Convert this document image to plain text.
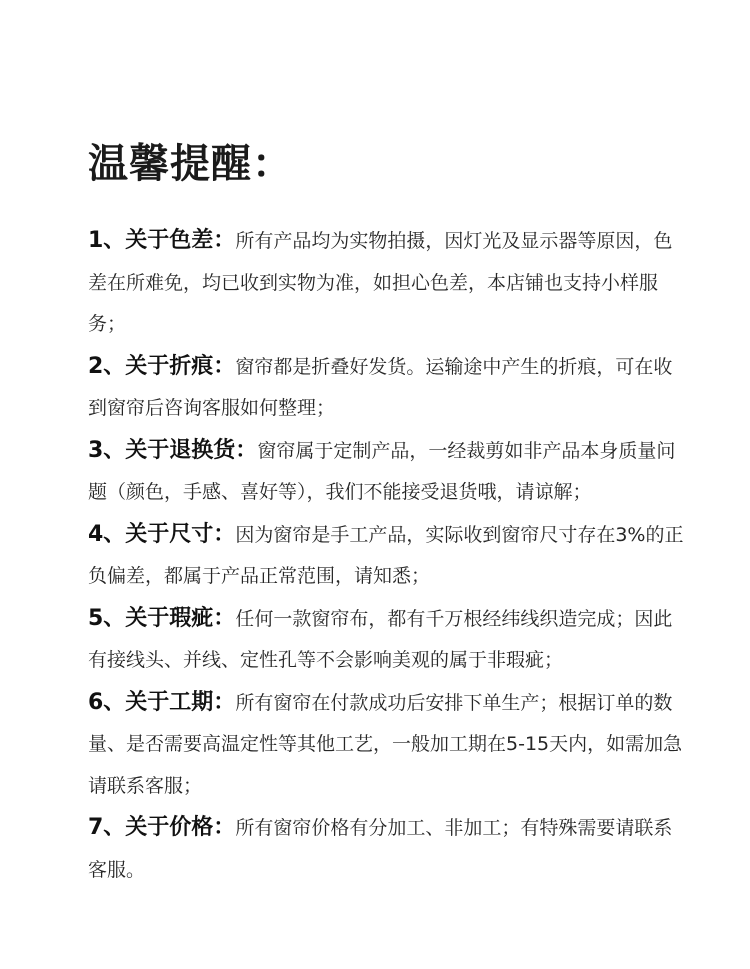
温馨提醒：

1、关于色差：所有产品均为实物拍摄，因灯光及显示器等原因，色差在所难免，均已收到实物为准，如担心色差，本店铺也支持小样服务；

2、关于折痕：窗帘都是折叠好发货。运输途中产生的折痕，可在收到窗帘后咨询客服如何整理；

3、关于退换货：窗帘属于定制产品，一经裁剪如非产品本身质量问题（颜色，手感、喜好等），我们不能接受退货哦，请谅解；

4、关于尺寸：因为窗帘是手工产品，实际收到窗帘尺寸存在3%的正负偏差，都属于产品正常范围，请知悉；

5、关于瑕疵：任何一款窗帘布，都有千万根经纬线织造完成；因此有接线头、并线、定性孔等不会影响美观的属于非瑕疵；

6、关于工期：所有窗帘在付款成功后安排下单生产；根据订单的数量、是否需要高温定性等其他工艺，一般加工期在5-15天内，如需加急请联系客服；

7、关于价格：所有窗帘价格有分加工、非加工；有特殊需要请联系客服。
